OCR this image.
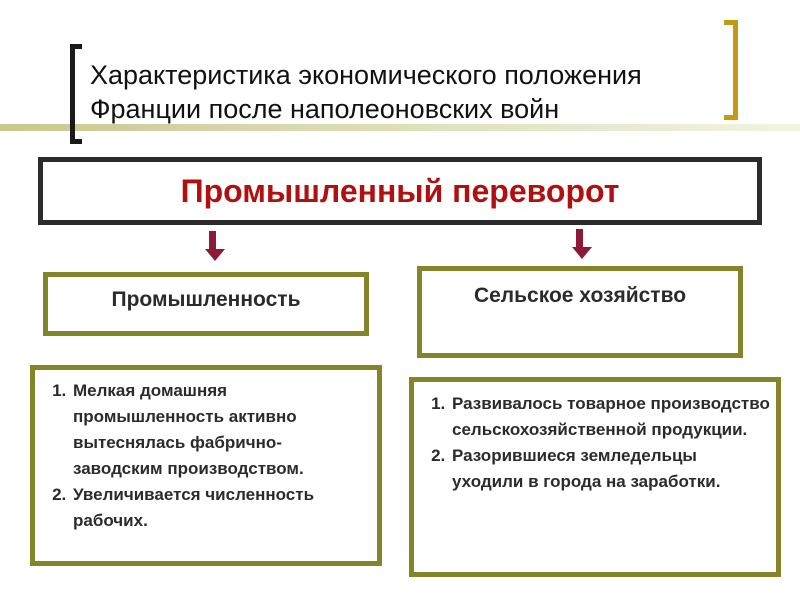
Характеристика экономического положения
Франции после наполеоновских войн
Промышленный переворот
Промышленность	Сельское хозяйство
1. Мелкая домашняя промышленность активно вытеснялась фабрично-заводским производством.
2. Увеличивается численность рабочих.
1. Развивалось товарное производство сельскохозяйственной продукции.
2. Разорившиеся земледельцы уходили в города на заработки.
